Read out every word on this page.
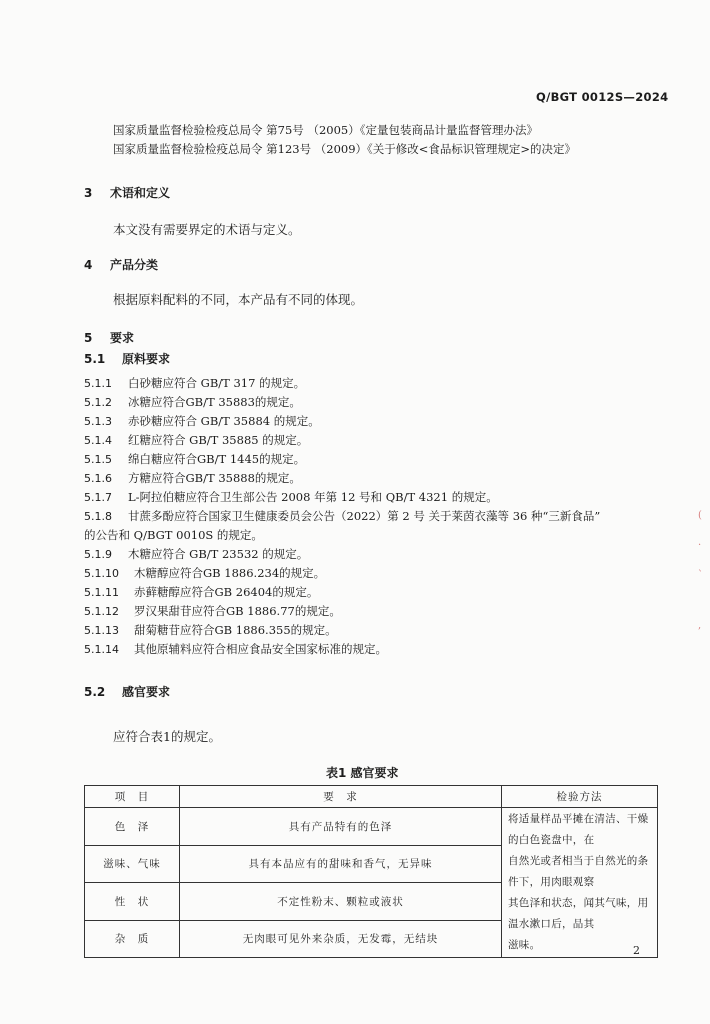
Q/BGT 0012S—2024
国家质量监督检验检疫总局令 第75号 （2005）《定量包装商品计量监督管理办法》
国家质量监督检验检疫总局令 第123号 （2009）《关于修改<食品标识管理规定>的决定》
3 术语和定义
本文没有需要界定的术语与定义。
4 产品分类
根据原料配料的不同，本产品有不同的体现。
5 要求
5.1 原料要求
5.1.1 白砂糖应符合 GB/T 317 的规定。
5.1.2 冰糖应符合GB/T 35883的规定。
5.1.3 赤砂糖应符合 GB/T 35884 的规定。
5.1.4 红糖应符合 GB/T 35885 的规定。
5.1.5 绵白糖应符合GB/T 1445的规定。
5.1.6 方糖应符合GB/T 35888的规定。
5.1.7 L-阿拉伯糖应符合卫生部公告 2008 年第 12 号和 QB/T 4321 的规定。
5.1.8 甘蔗多酚应符合国家卫生健康委员会公告（2022）第 2 号 关于莱茵衣藻等 36 种“三新食品”
的公告和 Q/BGT 0010S 的规定。
5.1.9 木糖应符合 GB/T 23532 的规定。
5.1.10 木糖醇应符合GB 1886.234的规定。
5.1.11 赤藓糖醇应符合GB 26404的规定。
5.1.12 罗汉果甜苷应符合GB 1886.77的规定。
5.1.13 甜菊糖苷应符合GB 1886.355的规定。
5.1.14 其他原辅料应符合相应食品安全国家标准的规定。
5.2 感官要求
应符合表1的规定。
表1 感官要求
项　目	要　求	检验方法
色　泽	具有产品特有的色泽	将适量样品平摊在清洁、干燥的白色瓷盘中，在
自然光或者相当于自然光的条件下，用肉眼观察
其色泽和状态，闻其气味，用温水漱口后，品其
滋味。

滋味、气味	具有本品应有的甜味和香气，无异味	
性　状	不定性粉末、颗粒或液状	
杂　质	无肉眼可见外来杂质，无发霉，无结块	
2
(
·
`
,
